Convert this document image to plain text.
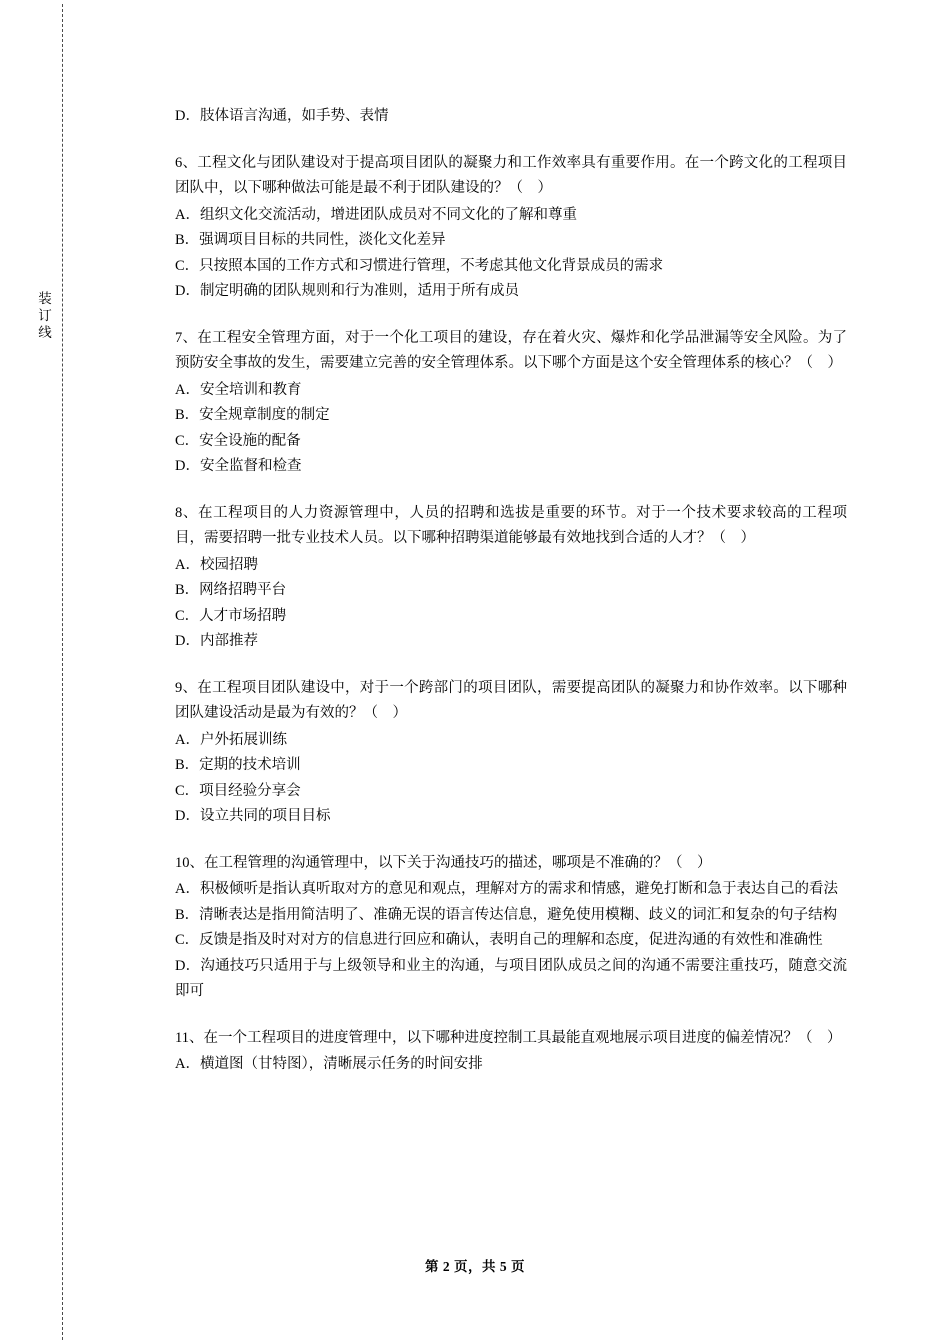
装
订
线

D．肢体语言沟通，如手势、表情

6、工程文化与团队建设对于提高项目团队的凝聚力和工作效率具有重要作用。在一个跨文化的工程项目团队中，以下哪种做法可能是最不利于团队建设的？（　）

A．组织文化交流活动，增进团队成员对不同文化的了解和尊重

B．强调项目目标的共同性，淡化文化差异

C．只按照本国的工作方式和习惯进行管理，不考虑其他文化背景成员的需求

D．制定明确的团队规则和行为准则，适用于所有成员

7、在工程安全管理方面，对于一个化工项目的建设，存在着火灾、爆炸和化学品泄漏等安全风险。为了预防安全事故的发生，需要建立完善的安全管理体系。以下哪个方面是这个安全管理体系的核心？（　）

A．安全培训和教育

B．安全规章制度的制定

C．安全设施的配备

D．安全监督和检查

8、在工程项目的人力资源管理中，人员的招聘和选拔是重要的环节。对于一个技术要求较高的工程项目，需要招聘一批专业技术人员。以下哪种招聘渠道能够最有效地找到合适的人才？（　）

A．校园招聘

B．网络招聘平台

C．人才市场招聘

D．内部推荐

9、在工程项目团队建设中，对于一个跨部门的项目团队，需要提高团队的凝聚力和协作效率。以下哪种团队建设活动是最为有效的？（　）

A．户外拓展训练

B．定期的技术培训

C．项目经验分享会

D．设立共同的项目目标

10、在工程管理的沟通管理中，以下关于沟通技巧的描述，哪项是不准确的？（　）

A．积极倾听是指认真听取对方的意见和观点，理解对方的需求和情感，避免打断和急于表达自己的看法

B．清晰表达是指用简洁明了、准确无误的语言传达信息，避免使用模糊、歧义的词汇和复杂的句子结构

C．反馈是指及时对对方的信息进行回应和确认，表明自己的理解和态度，促进沟通的有效性和准确性

D．沟通技巧只适用于与上级领导和业主的沟通，与项目团队成员之间的沟通不需要注重技巧，随意交流即可

11、在一个工程项目的进度管理中，以下哪种进度控制工具最能直观地展示项目进度的偏差情况？（　）

A．横道图（甘特图），清晰展示任务的时间安排

第 2 页，共 5 页
